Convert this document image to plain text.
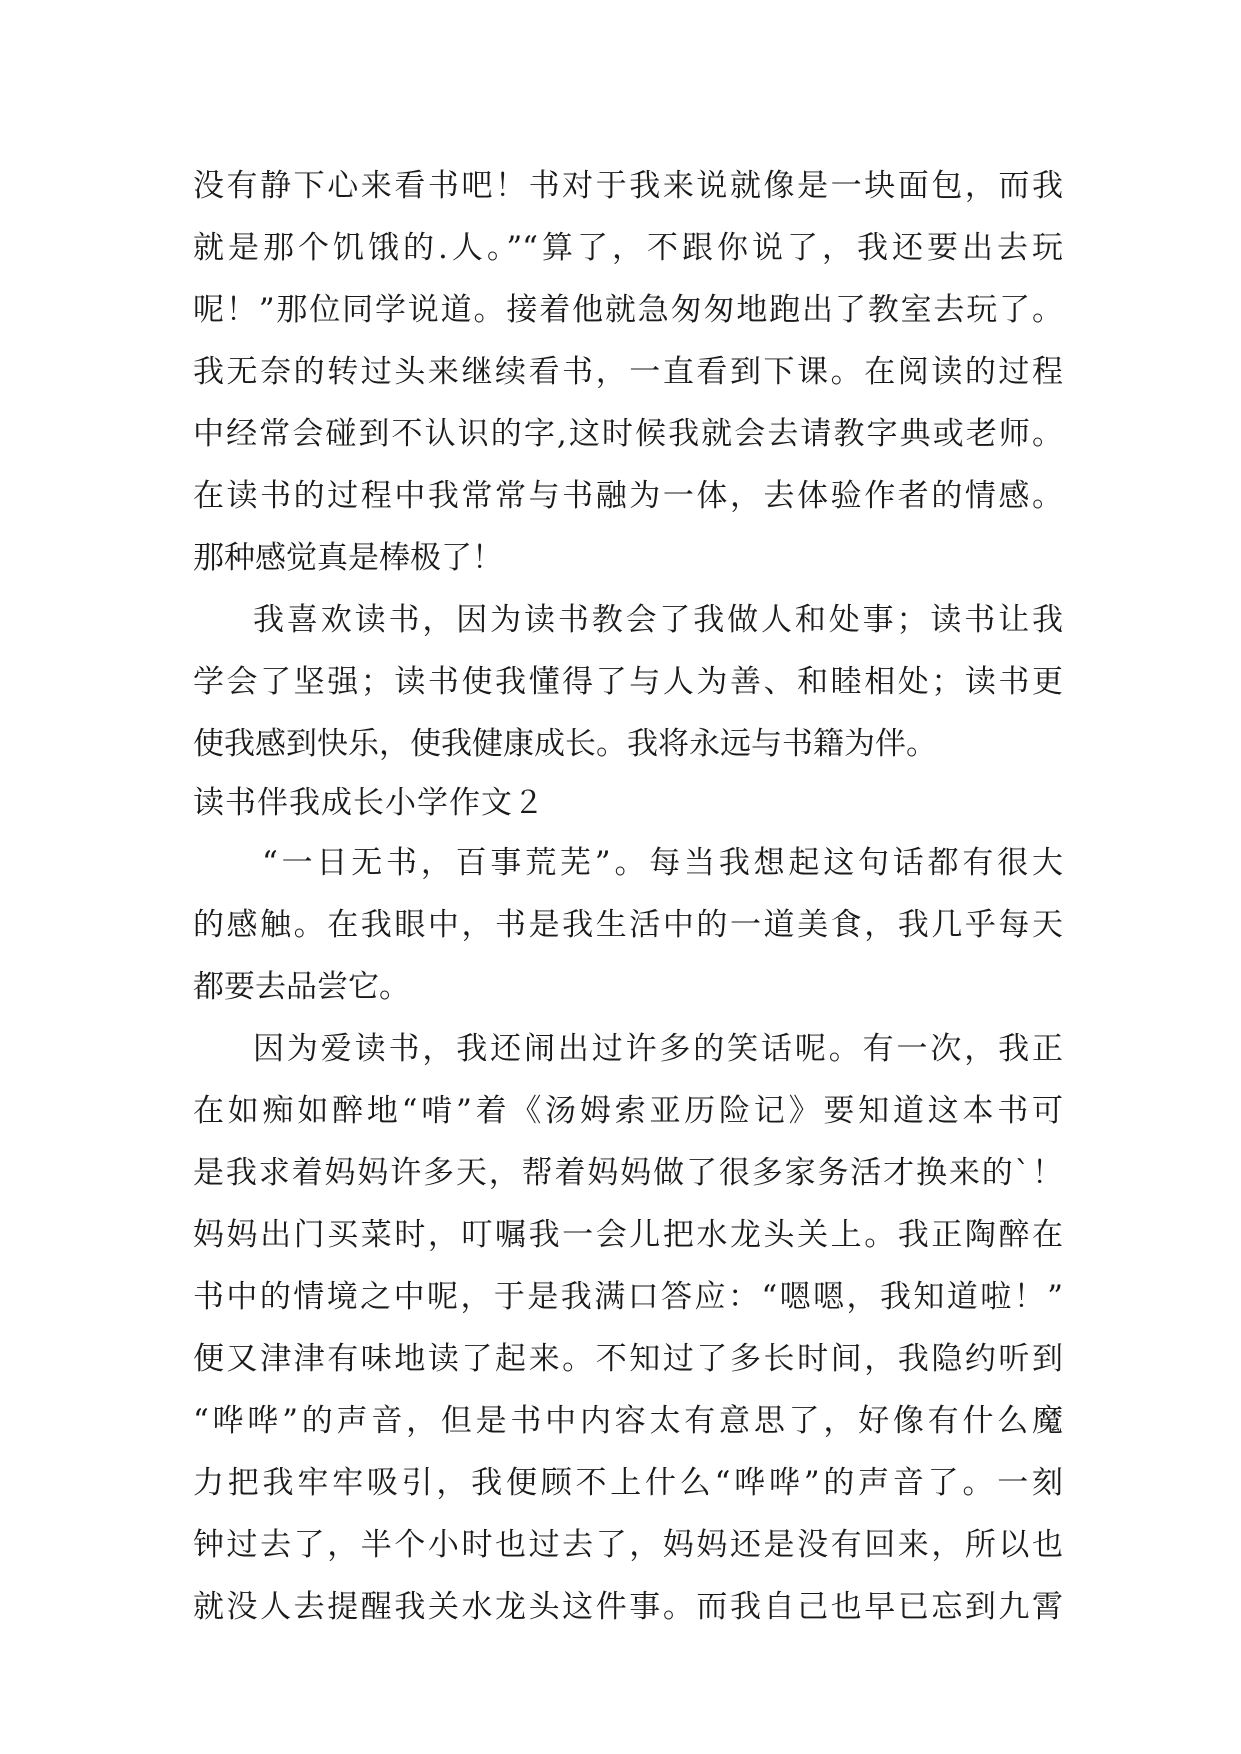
没有静下心来看书吧！书对于我来说就像是一块面包，而我
就是那个饥饿的.人。”“算了，不跟你说了，我还要出去玩
呢！”那位同学说道。接着他就急匆匆地跑出了教室去玩了。
我无奈的转过头来继续看书，一直看到下课。在阅读的过程
中经常会碰到不认识的字,这时候我就会去请教字典或老师。
在读书的过程中我常常与书融为一体，去体验作者的情感。
那种感觉真是棒极了！
我喜欢读书，因为读书教会了我做人和处事；读书让我
学会了坚强；读书使我懂得了与人为善、和睦相处；读书更
使我感到快乐，使我健康成长。我将永远与书籍为伴。
读书伴我成长小学作文２
“一日无书，百事荒芜”。每当我想起这句话都有很大
的感触。在我眼中，书是我生活中的一道美食，我几乎每天
都要去品尝它。
因为爱读书，我还闹出过许多的笑话呢。有一次，我正
在如痴如醉地“啃”着《汤姆索亚历险记》要知道这本书可
是我求着妈妈许多天，帮着妈妈做了很多家务活才换来的`！
妈妈出门买菜时，叮嘱我一会儿把水龙头关上。我正陶醉在
书中的情境之中呢，于是我满口答应：“嗯嗯，我知道啦！”
便又津津有味地读了起来。不知过了多长时间，我隐约听到
“哗哗”的声音，但是书中内容太有意思了，好像有什么魔
力把我牢牢吸引，我便顾不上什么“哗哗”的声音了。一刻
钟过去了，半个小时也过去了，妈妈还是没有回来，所以也
就没人去提醒我关水龙头这件事。而我自己也早已忘到九霄
